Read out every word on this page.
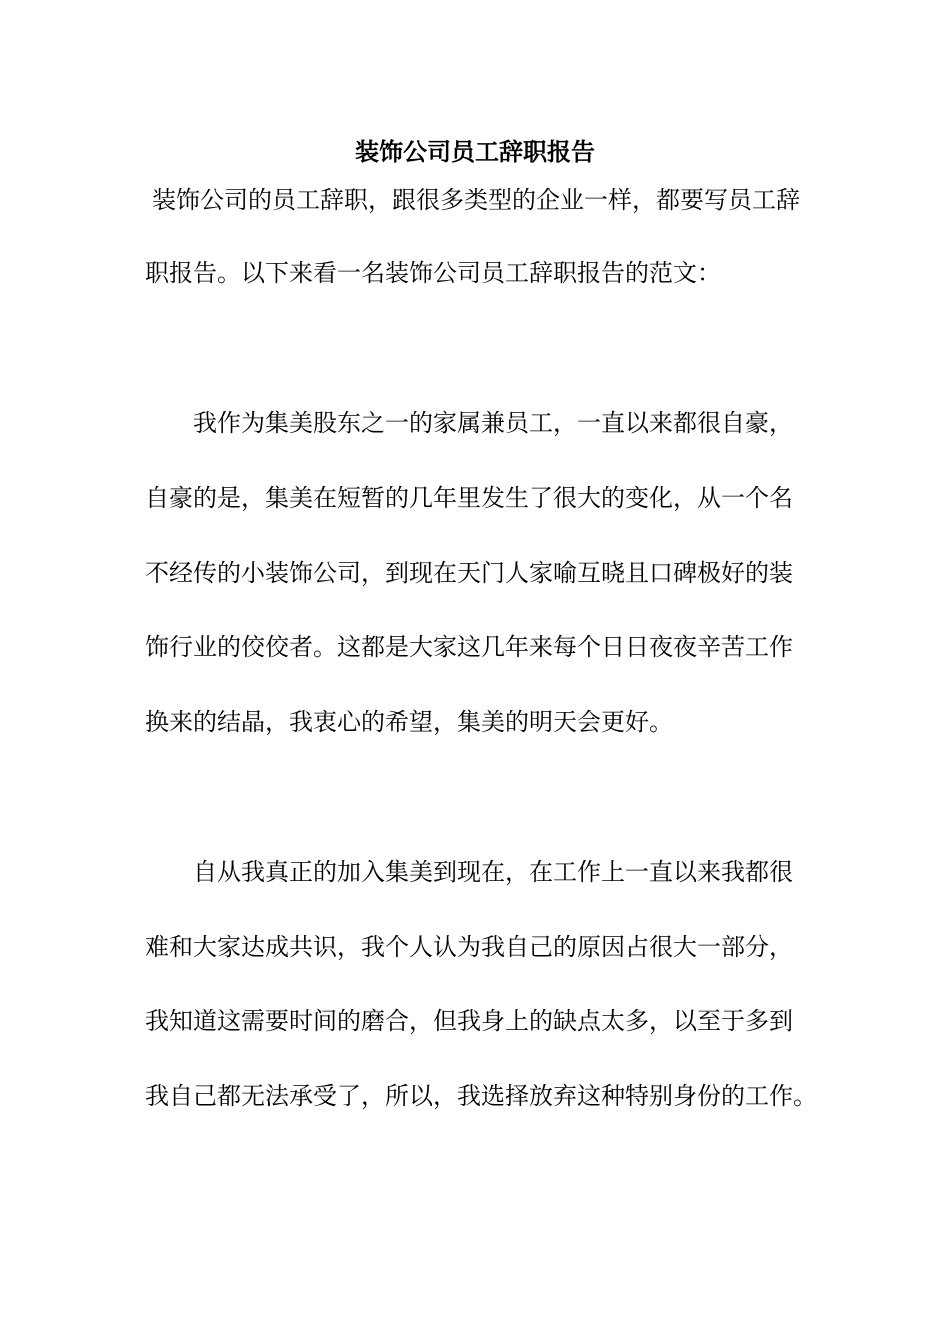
装饰公司员工辞职报告

装饰公司的员工辞职，跟很多类型的企业一样，都要写员工辞

职报告。以下来看一名装饰公司员工辞职报告的范文：

我作为集美股东之一的家属兼员工，一直以来都很自豪，

自豪的是，集美在短暂的几年里发生了很大的变化，从一个名

不经传的小装饰公司，到现在天门人家喻互晓且口碑极好的装

饰行业的佼佼者。这都是大家这几年来每个日日夜夜辛苦工作

换来的结晶，我衷心的希望，集美的明天会更好。

自从我真正的加入集美到现在，在工作上一直以来我都很

难和大家达成共识，我个人认为我自己的原因占很大一部分，

我知道这需要时间的磨合，但我身上的缺点太多，以至于多到

我自己都无法承受了，所以，我选择放弃这种特别身份的工作。
